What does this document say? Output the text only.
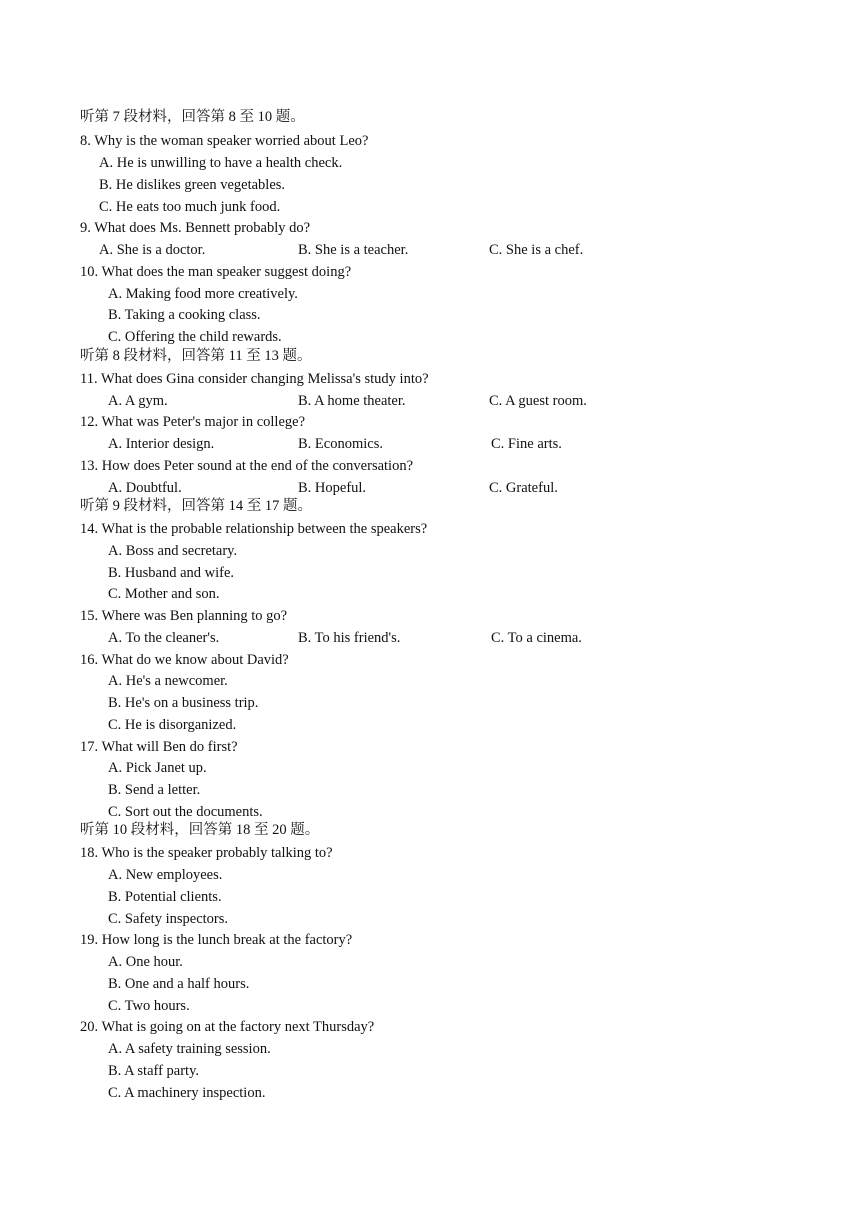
听第 7 段材料，回答第 8 至 10 题。
8. Why is the woman speaker worried about Leo?
A. He is unwilling to have a health check.
B. He dislikes green vegetables.
C. He eats too much junk food.
9. What does Ms. Bennett probably do?
A. She is a doctor.	B. She is a teacher.	C. She is a chef.
10. What does the man speaker suggest doing?
A. Making food more creatively.
B. Taking a cooking class.
C. Offering the child rewards.
听第 8 段材料，回答第 11 至 13 题。
11. What does Gina consider changing Melissa's study into?
A. A gym.	B. A home theater.	C. A guest room.
12. What was Peter's major in college?
A. Interior design.	B. Economics.	C. Fine arts.
13. How does Peter sound at the end of the conversation?
A. Doubtful.	B. Hopeful.	C. Grateful.
听第 9 段材料，回答第 14 至 17 题。
14. What is the probable relationship between the speakers?
A. Boss and secretary.
B. Husband and wife.
C. Mother and son.
15. Where was Ben planning to go?
A. To the cleaner's.	B. To his friend's.	C. To a cinema.
16. What do we know about David?
A. He's a newcomer.
B. He's on a business trip.
C. He is disorganized.
17. What will Ben do first?
A. Pick Janet up.
B. Send a letter.
C. Sort out the documents.
听第 10 段材料，回答第 18 至 20 题。
18. Who is the speaker probably talking to?
A. New employees.
B. Potential clients.
C. Safety inspectors.
19. How long is the lunch break at the factory?
A. One hour.
B. One and a half hours.
C. Two hours.
20. What is going on at the factory next Thursday?
A. A safety training session.
B. A staff party.
C. A machinery inspection.
